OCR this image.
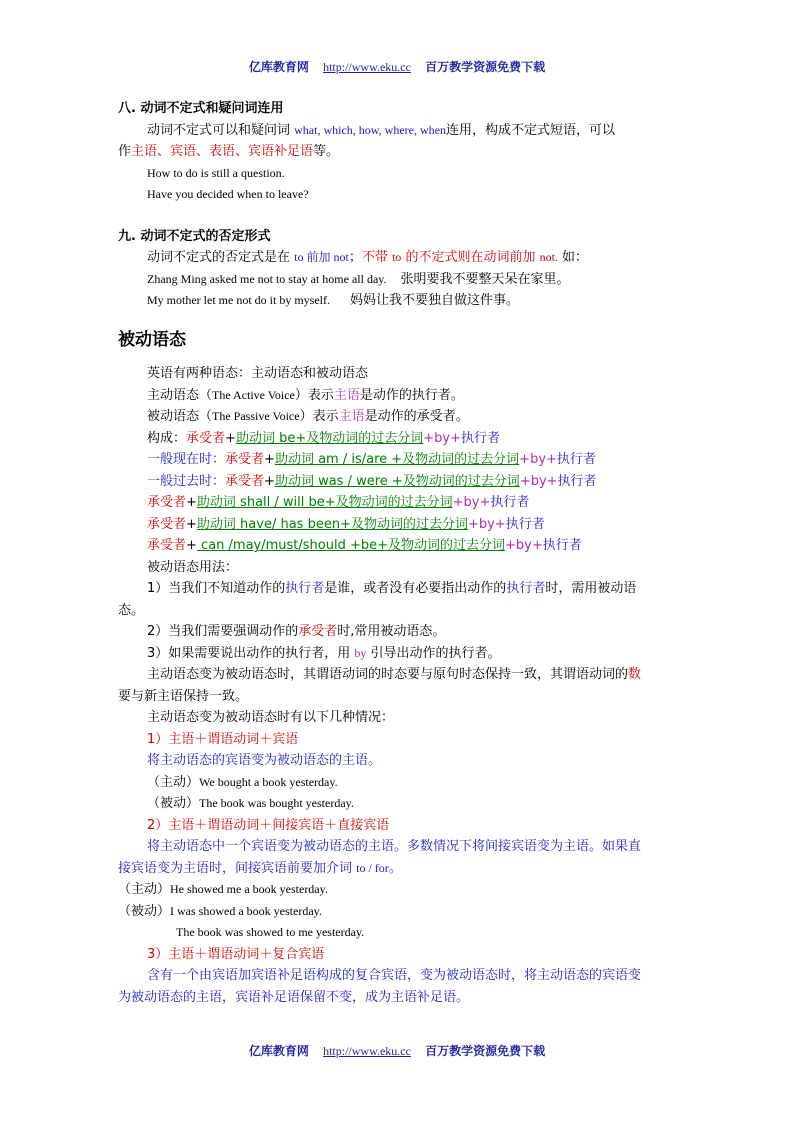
亿库教育网 http://www.eku.cc 百万教学资源免费下载
八. 动词不定式和疑问词连用
动词不定式可以和疑问词 what, which, how, where, when连用，构成不定式短语，可以
作主语、宾语、表语、宾语补足语等。
How to do is still a question.
Have you decided when to leave?
九. 动词不定式的否定形式
动词不定式的否定式是在 to 前加 not；不带 to 的不定式则在动词前加 not. 如：
Zhang Ming asked me not to stay at home all day. 张明要我不要整天呆在家里。
My mother let me not do it by myself. 妈妈让我不要独自做这件事。
被动语态
英语有两种语态：主动语态和被动语态
主动语态（The Active Voice）表示主语是动作的执行者。
被动语态（The Passive Voice）表示主语是动作的承受者。
构成：承受者+助动词 be+及物动词的过去分词+by+执行者
一般现在时：承受者+助动词 am / is/are +及物动词的过去分词+by+执行者
一般过去时：承受者+助动词 was / were +及物动词的过去分词+by+执行者
承受者+助动词 shall / will be+及物动词的过去分词+by+执行者
承受者+助动词 have/ has been+及物动词的过去分词+by+执行者
承受者+ can /may/must/should +be+及物动词的过去分词+by+执行者
被动语态用法：
1）当我们不知道动作的执行者是谁，或者没有必要指出动作的执行者时，需用被动语
态。
2）当我们需要强调动作的承受者时,常用被动语态。
3）如果需要说出动作的执行者，用 by 引导出动作的执行者。
主动语态变为被动语态时，其谓语动词的时态要与原句时态保持一致，其谓语动词的数
要与新主语保持一致。
主动语态变为被动语态时有以下几种情况：
1）主语＋谓语动词＋宾语
将主动语态的宾语变为被动语态的主语。
（主动）We bought a book yesterday.
（被动）The book was bought yesterday.
2）主语＋谓语动词＋间接宾语＋直接宾语
将主动语态中一个宾语变为被动语态的主语。多数情况下将间接宾语变为主语。如果直
接宾语变为主语时，间接宾语前要加介词 to / for。
（主动）He showed me a book yesterday.
（被动）I was showed a book yesterday.
The book was showed to me yesterday.
3）主语＋谓语动词＋复合宾语
含有一个由宾语加宾语补足语构成的复合宾语，变为被动语态时，将主动语态的宾语变
为被动语态的主语，宾语补足语保留不变，成为主语补足语。
亿库教育网 http://www.eku.cc 百万教学资源免费下载
